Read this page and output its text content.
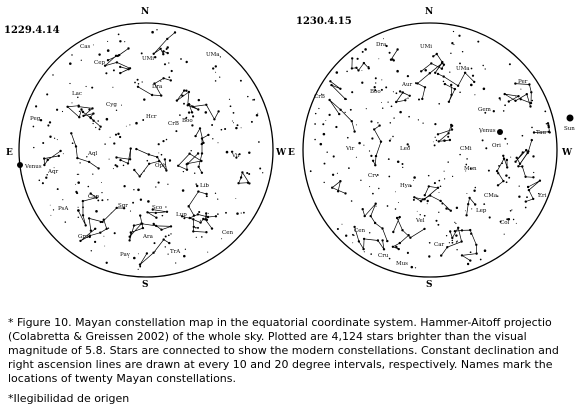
1229.4.14
N
S
E	W
Venus
Cas
Cep
UMi
UMa
Lac
Dra
Peg
Cyg
Hcr
CrB Boo
Aql
Oph
Vir
Aqr
Cap
Lib
Sgr	Sco
PsA
Lup
Gru	Ara
Cen
Pav	TrA
1230.4.15
N
S
E	W
Venus	Sun
Dra	UMi
CrB
UMa
Per
Boo
Aur
Gem
Tau
Vir	Leo	CMi	Ori
Mon
Crv
Hya
Eri
CMa
Lep
Col
Vel
Cen
Car
Cru
Mus

* Figure 10. Mayan constellation map in the equatorial coordinate system. Hammer-Aitoff projectio
(Colabretta & Greissen 2002) of the whole sky. Plotted are 4,124 stars brighter than the visual
magnitude of 5.8. Stars are connected to show the modern constellations. Constant declination and
right ascension lines are drawn at every 10 and 20 degree intervals, respectively. Names mark the
locations of twenty Mayan constellations.

*Ilegibilidad de origen
